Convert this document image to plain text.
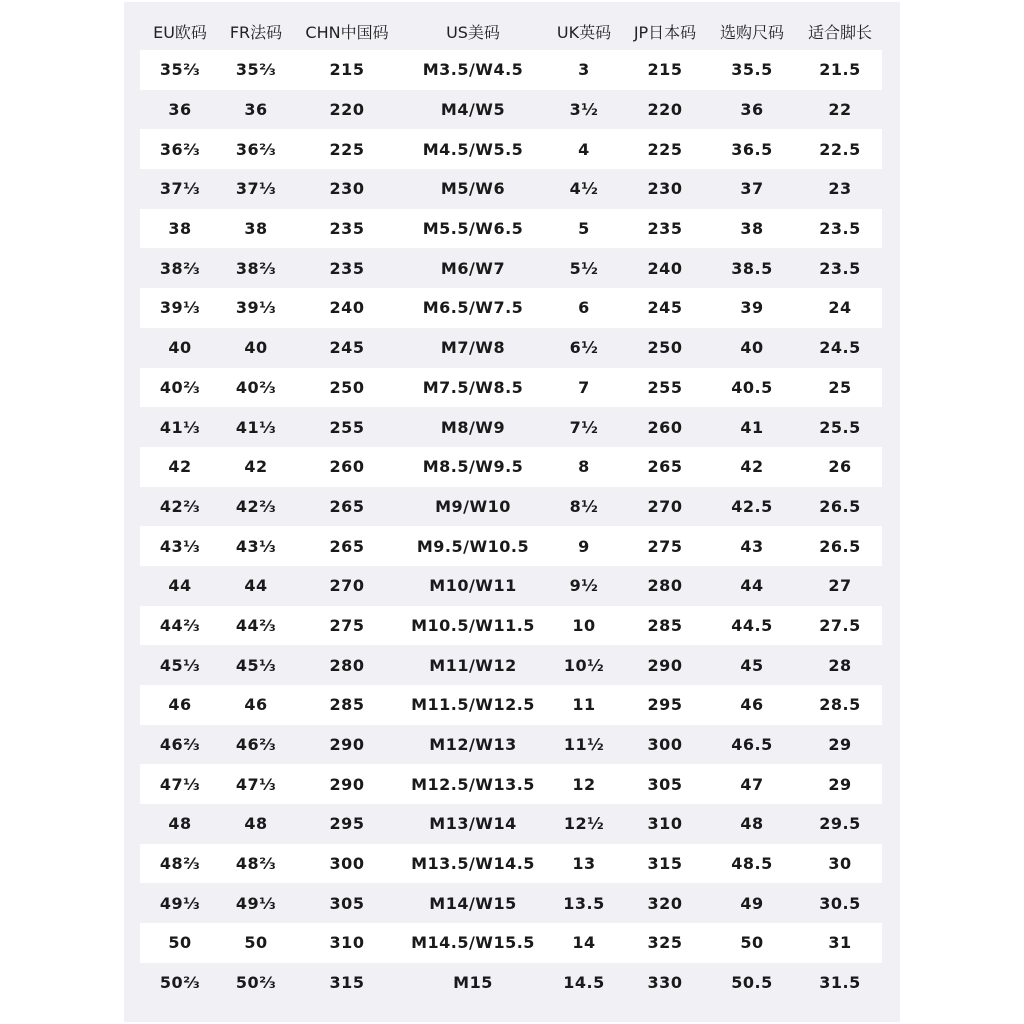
EU欧码	FR法码	CHN中国码	US美码	UK英码	JP日本码	选购尺码	适合脚长
35⅔	35⅔	215	M3.5/W4.5	3	215	35.5	21.5
36	36	220	M4/W5	3½	220	36	22
36⅔	36⅔	225	M4.5/W5.5	4	225	36.5	22.5
37⅓	37⅓	230	M5/W6	4½	230	37	23
38	38	235	M5.5/W6.5	5	235	38	23.5
38⅔	38⅔	235	M6/W7	5½	240	38.5	23.5
39⅓	39⅓	240	M6.5/W7.5	6	245	39	24
40	40	245	M7/W8	6½	250	40	24.5
40⅔	40⅔	250	M7.5/W8.5	7	255	40.5	25
41⅓	41⅓	255	M8/W9	7½	260	41	25.5
42	42	260	M8.5/W9.5	8	265	42	26
42⅔	42⅔	265	M9/W10	8½	270	42.5	26.5
43⅓	43⅓	265	M9.5/W10.5	9	275	43	26.5
44	44	270	M10/W11	9½	280	44	27
44⅔	44⅔	275	M10.5/W11.5	10	285	44.5	27.5
45⅓	45⅓	280	M11/W12	10½	290	45	28
46	46	285	M11.5/W12.5	11	295	46	28.5
46⅔	46⅔	290	M12/W13	11½	300	46.5	29
47⅓	47⅓	290	M12.5/W13.5	12	305	47	29
48	48	295	M13/W14	12½	310	48	29.5
48⅔	48⅔	300	M13.5/W14.5	13	315	48.5	30
49⅓	49⅓	305	M14/W15	13.5	320	49	30.5
50	50	310	M14.5/W15.5	14	325	50	31
50⅔	50⅔	315	M15	14.5	330	50.5	31.5
